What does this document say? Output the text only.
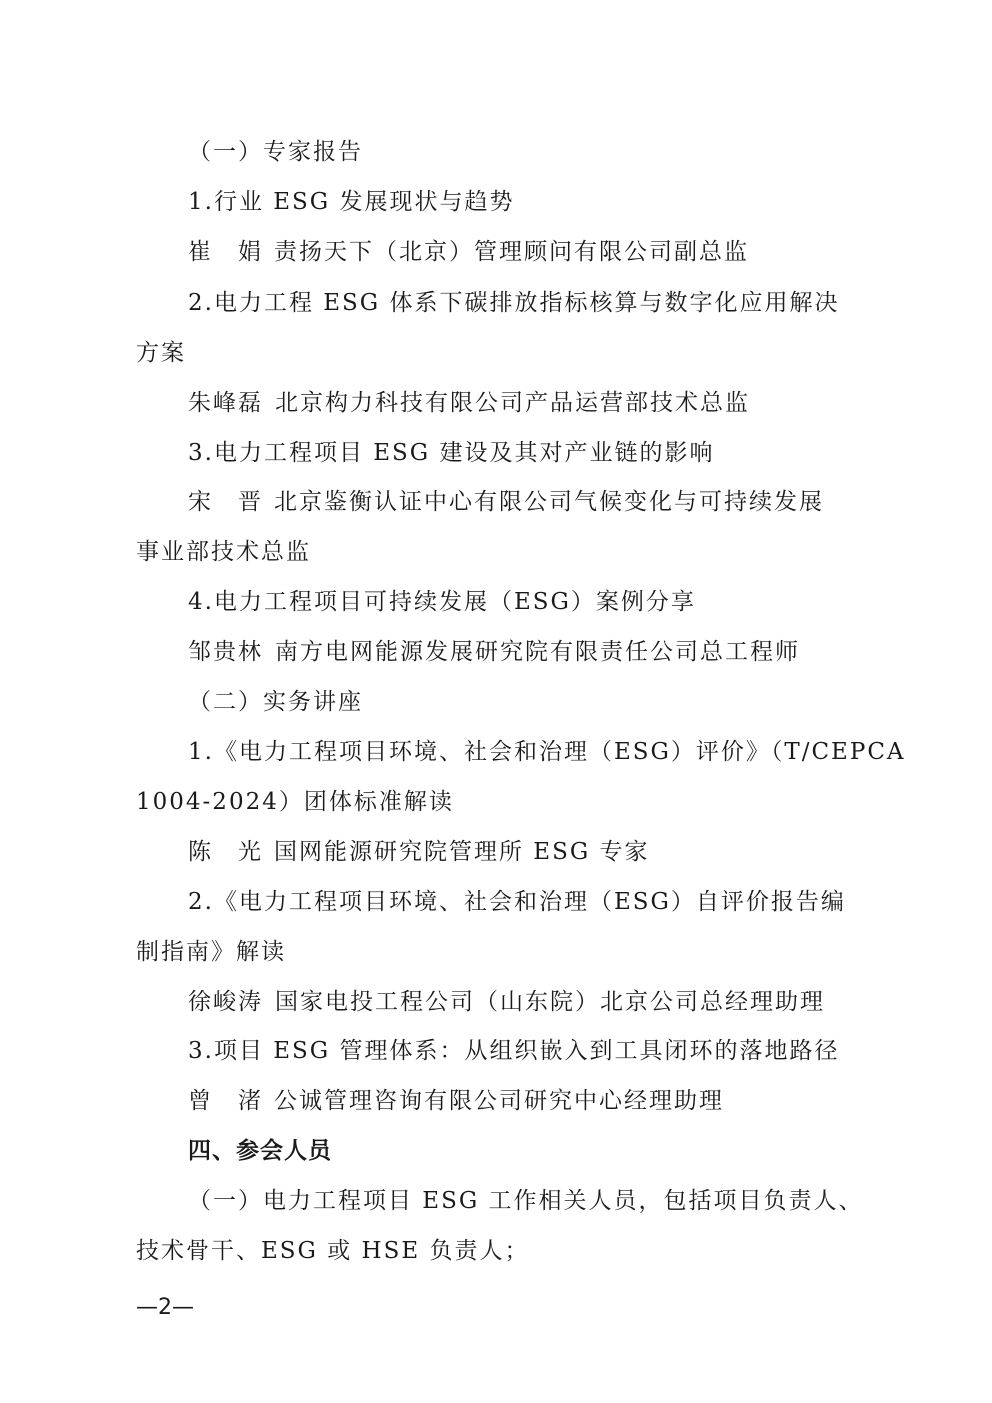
（一）专家报告
1.行业 ESG 发展现状与趋势
崔　娟 责扬天下（北京）管理顾问有限公司副总监
2.电力工程 ESG 体系下碳排放指标核算与数字化应用解决
方案
朱峰磊 北京构力科技有限公司产品运营部技术总监
3.电力工程项目 ESG 建设及其对产业链的影响
宋　晋 北京鉴衡认证中心有限公司气候变化与可持续发展
事业部技术总监
4.电力工程项目可持续发展（ESG）案例分享
邹贵林 南方电网能源发展研究院有限责任公司总工程师
（二）实务讲座
1.《电力工程项目环境、社会和治理（ESG）评价》（T/CEPCA
1004-2024）团体标准解读
陈　光 国网能源研究院管理所 ESG 专家
2.《电力工程项目环境、社会和治理（ESG）自评价报告编
制指南》解读
徐峻涛 国家电投工程公司（山东院）北京公司总经理助理
3.项目 ESG 管理体系：从组织嵌入到工具闭环的落地路径
曾　渚 公诚管理咨询有限公司研究中心经理助理
四、参会人员
（一）电力工程项目 ESG 工作相关人员，包括项目负责人、
技术骨干、ESG 或 HSE 负责人；
—2—
